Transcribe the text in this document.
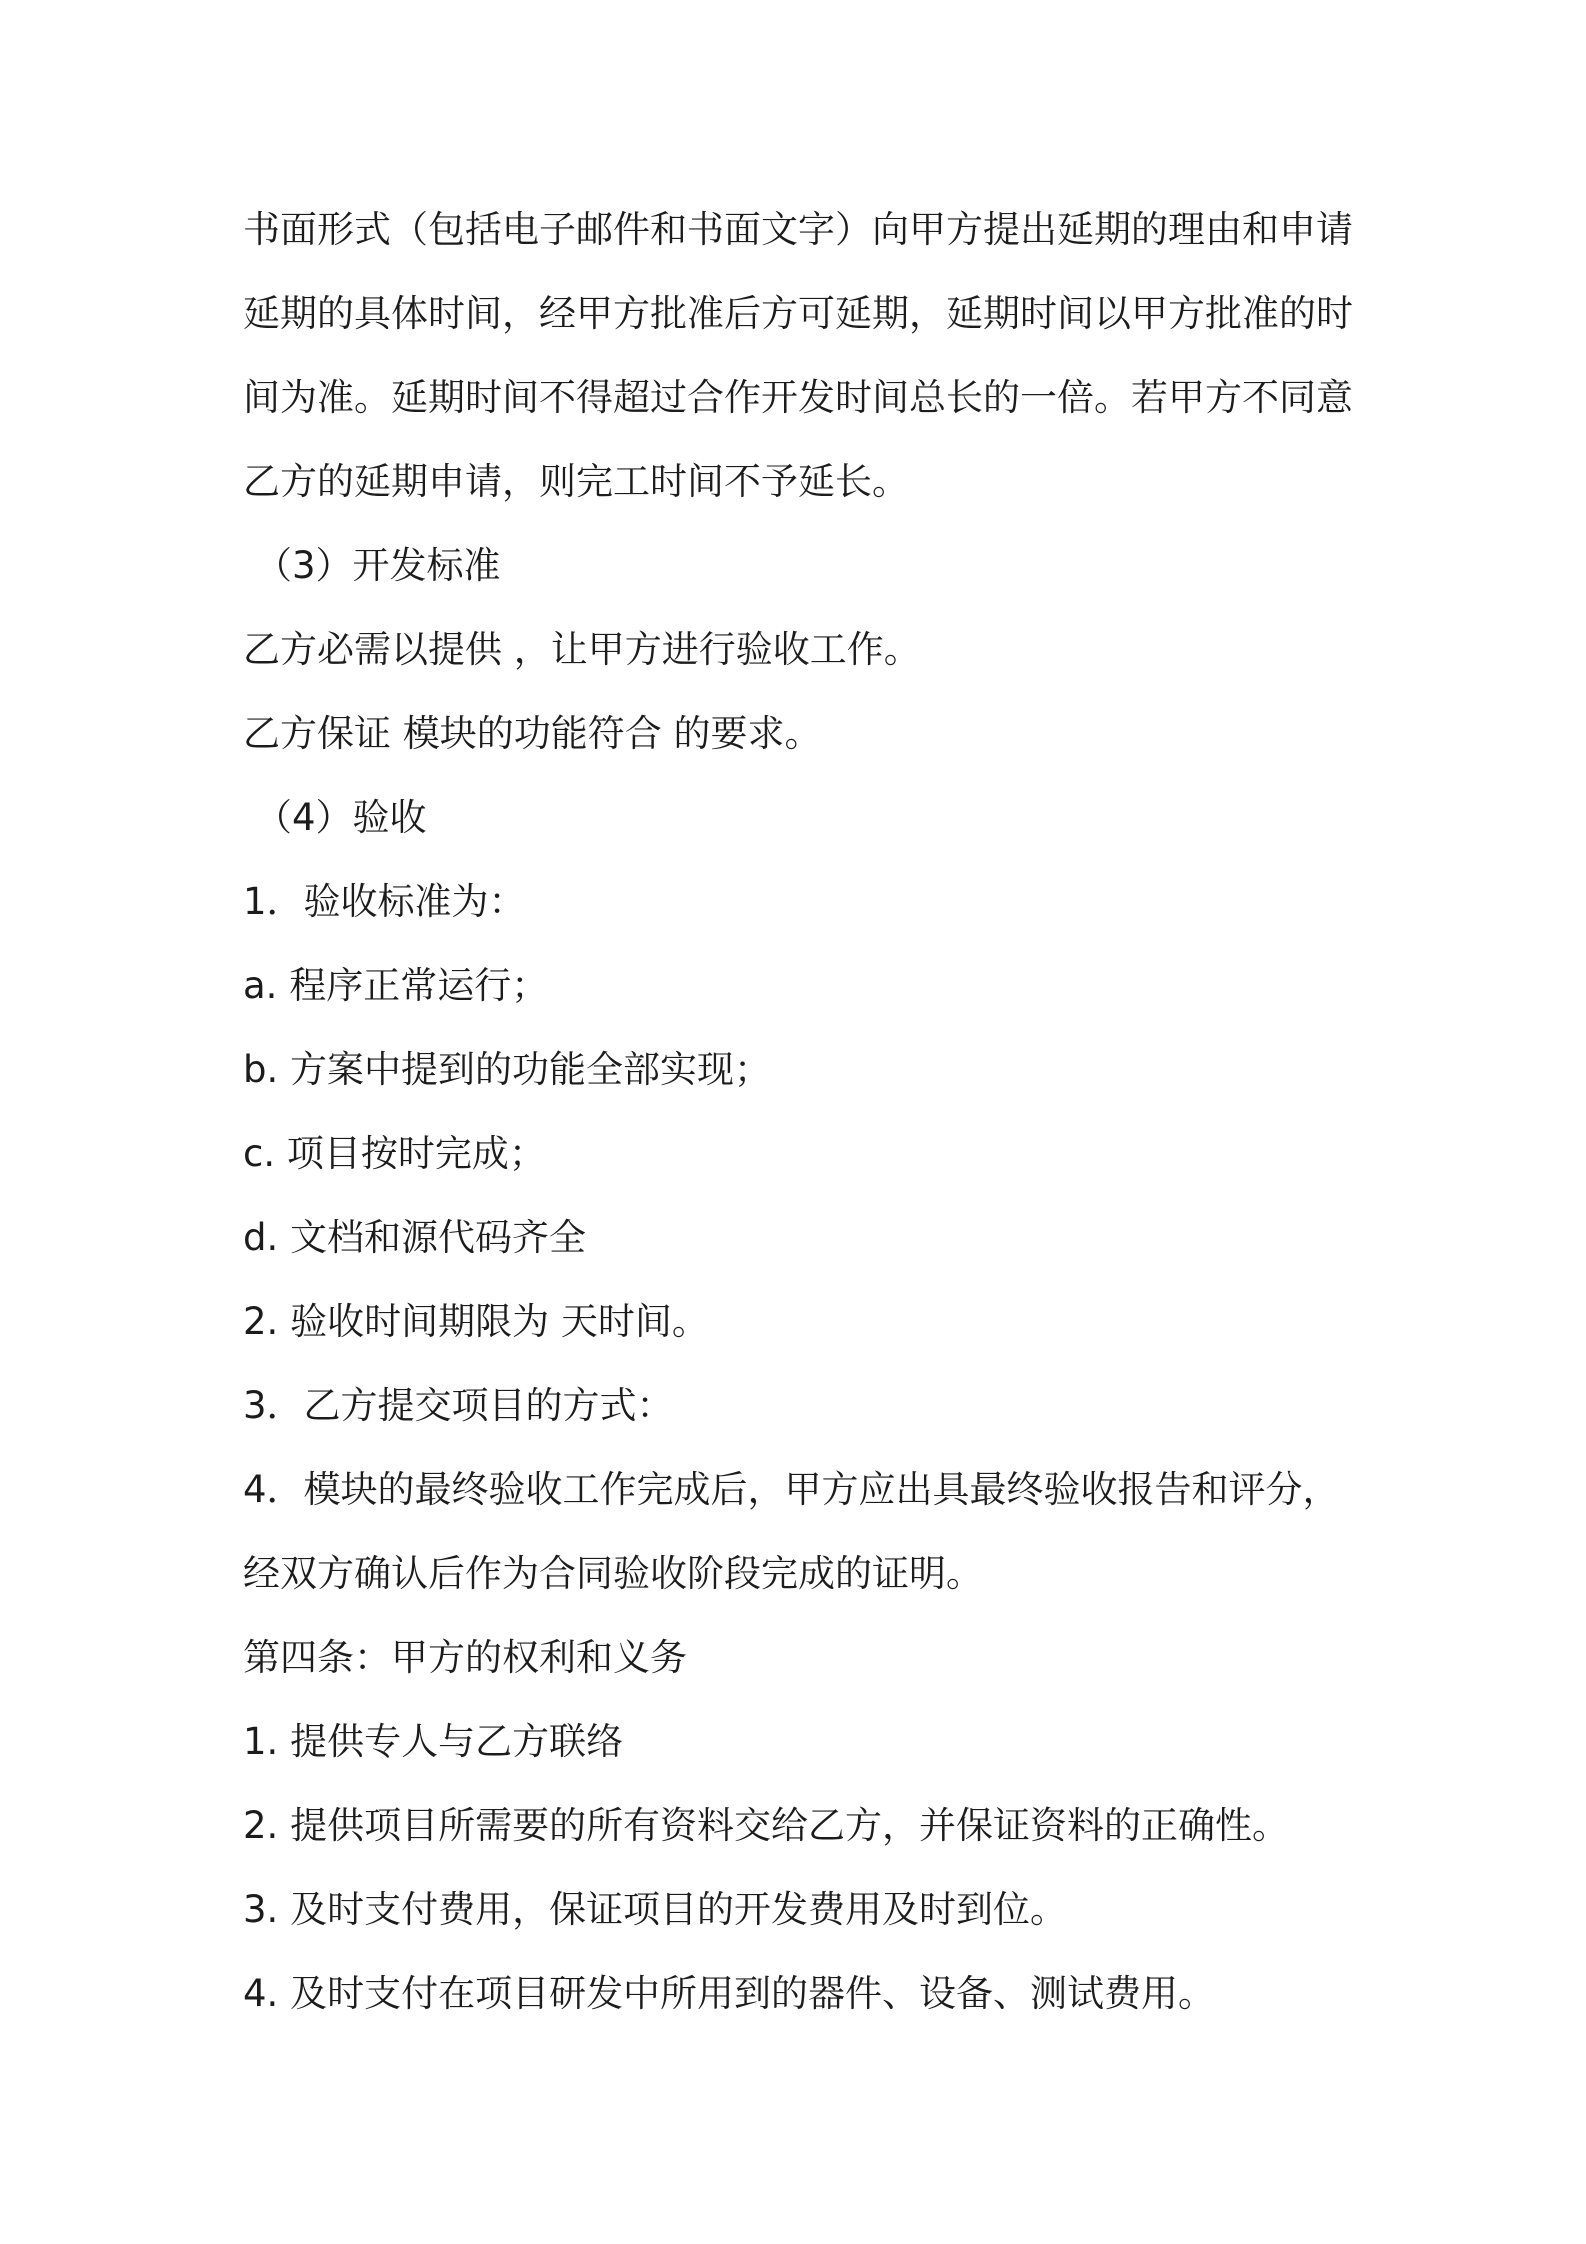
书面形式（包括电子邮件和书面文字）向甲方提出延期的理由和申请
延期的具体时间，经甲方批准后方可延期，延期时间以甲方批准的时
间为准。延期时间不得超过合作开发时间总长的一倍。若甲方不同意
乙方的延期申请，则完工时间不予延长。
（3）开发标准
乙方必需以提供 ，让甲方进行验收工作。
乙方保证 模块的功能符合 的要求。
（4）验收
1．验收标准为：
a. 程序正常运行；
b. 方案中提到的功能全部实现；
c. 项目按时完成；
d. 文档和源代码齐全
2. 验收时间期限为 天时间。
3．乙方提交项目的方式：
4．模块的最终验收工作完成后，甲方应出具最终验收报告和评分，
经双方确认后作为合同验收阶段完成的证明。
第四条：甲方的权利和义务
1. 提供专人与乙方联络
2. 提供项目所需要的所有资料交给乙方，并保证资料的正确性。
3. 及时支付费用，保证项目的开发费用及时到位。
4. 及时支付在项目研发中所用到的器件、设备、测试费用。
